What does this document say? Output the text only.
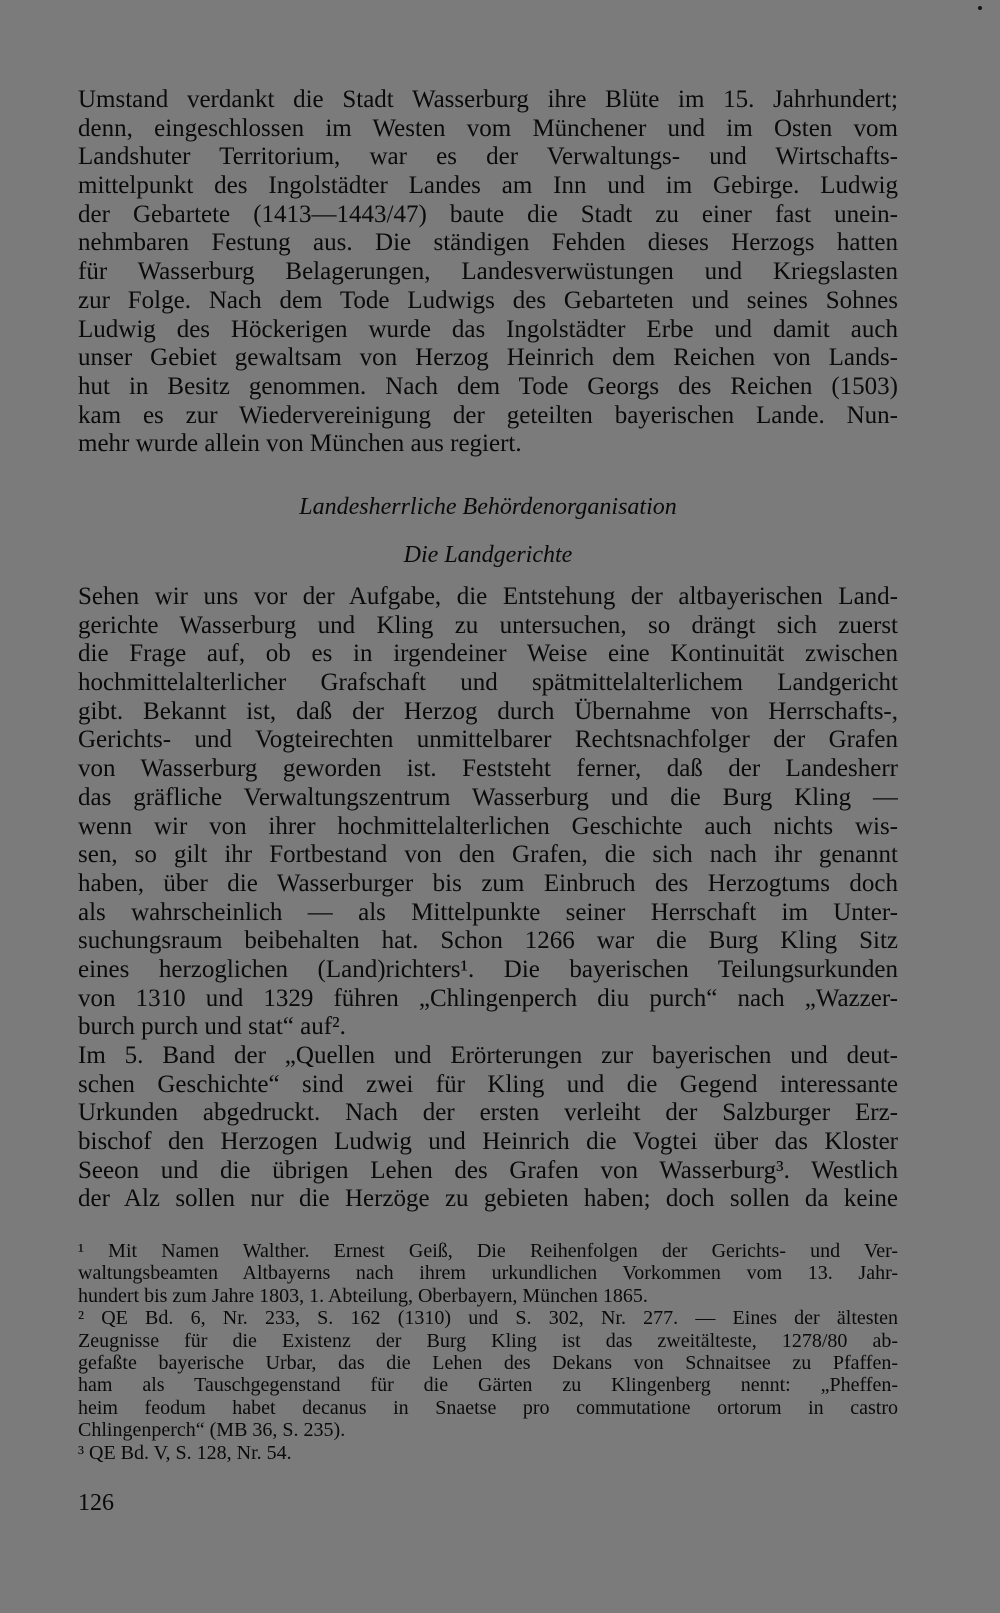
Umstand verdankt die Stadt Wasserburg ihre Blüte im 15. Jahrhundert;
denn, eingeschlossen im Westen vom Münchener und im Osten vom
Landshuter Territorium, war es der Verwaltungs- und Wirtschafts-
mittelpunkt des Ingolstädter Landes am Inn und im Gebirge. Ludwig
der Gebartete (1413—1443/47) baute die Stadt zu einer fast unein-
nehmbaren Festung aus. Die ständigen Fehden dieses Herzogs hatten
für Wasserburg Belagerungen, Landesverwüstungen und Kriegslasten
zur Folge. Nach dem Tode Ludwigs des Gebarteten und seines Sohnes
Ludwig des Höckerigen wurde das Ingolstädter Erbe und damit auch
unser Gebiet gewaltsam von Herzog Heinrich dem Reichen von Lands-
hut in Besitz genommen. Nach dem Tode Georgs des Reichen (1503)
kam es zur Wiedervereinigung der geteilten bayerischen Lande. Nun-
mehr wurde allein von München aus regiert.
Landesherrliche Behördenorganisation
Die Landgerichte
Sehen wir uns vor der Aufgabe, die Entstehung der altbayerischen Land-
gerichte Wasserburg und Kling zu untersuchen, so drängt sich zuerst
die Frage auf, ob es in irgendeiner Weise eine Kontinuität zwischen
hochmittelalterlicher Grafschaft und spätmittelalterlichem Landgericht
gibt. Bekannt ist, daß der Herzog durch Übernahme von Herrschafts-,
Gerichts- und Vogteirechten unmittelbarer Rechtsnachfolger der Grafen
von Wasserburg geworden ist. Feststeht ferner, daß der Landesherr
das gräfliche Verwaltungszentrum Wasserburg und die Burg Kling —
wenn wir von ihrer hochmittelalterlichen Geschichte auch nichts wis-
sen, so gilt ihr Fortbestand von den Grafen, die sich nach ihr genannt
haben, über die Wasserburger bis zum Einbruch des Herzogtums doch
als wahrscheinlich — als Mittelpunkte seiner Herrschaft im Unter-
suchungsraum beibehalten hat. Schon 1266 war die Burg Kling Sitz
eines herzoglichen (Land)richters¹. Die bayerischen Teilungsurkunden
von 1310 und 1329 führen „Chlingenperch diu purch“ nach „Wazzer-
burch purch und stat“ auf².
Im 5. Band der „Quellen und Erörterungen zur bayerischen und deut-
schen Geschichte“ sind zwei für Kling und die Gegend interessante
Urkunden abgedruckt. Nach der ersten verleiht der Salzburger Erz-
bischof den Herzogen Ludwig und Heinrich die Vogtei über das Kloster
Seeon und die übrigen Lehen des Grafen von Wasserburg³. Westlich
der Alz sollen nur die Herzöge zu gebieten haben; doch sollen da keine
¹ Mit Namen Walther. Ernest Geiß, Die Reihenfolgen der Gerichts- und Ver-
waltungsbeamten Altbayerns nach ihrem urkundlichen Vorkommen vom 13. Jahr-
hundert bis zum Jahre 1803, 1. Abteilung, Oberbayern, München 1865.
² QE Bd. 6, Nr. 233, S. 162 (1310) und S. 302, Nr. 277. — Eines der ältesten
Zeugnisse für die Existenz der Burg Kling ist das zweitälteste, 1278/80 ab-
gefaßte bayerische Urbar, das die Lehen des Dekans von Schnaitsee zu Pfaffen-
ham als Tauschgegenstand für die Gärten zu Klingenberg nennt: „Pheffen-
heim feodum habet decanus in Snaetse pro commutatione ortorum in castro
Chlingenperch“ (MB 36, S. 235).
³ QE Bd. V, S. 128, Nr. 54.
126
